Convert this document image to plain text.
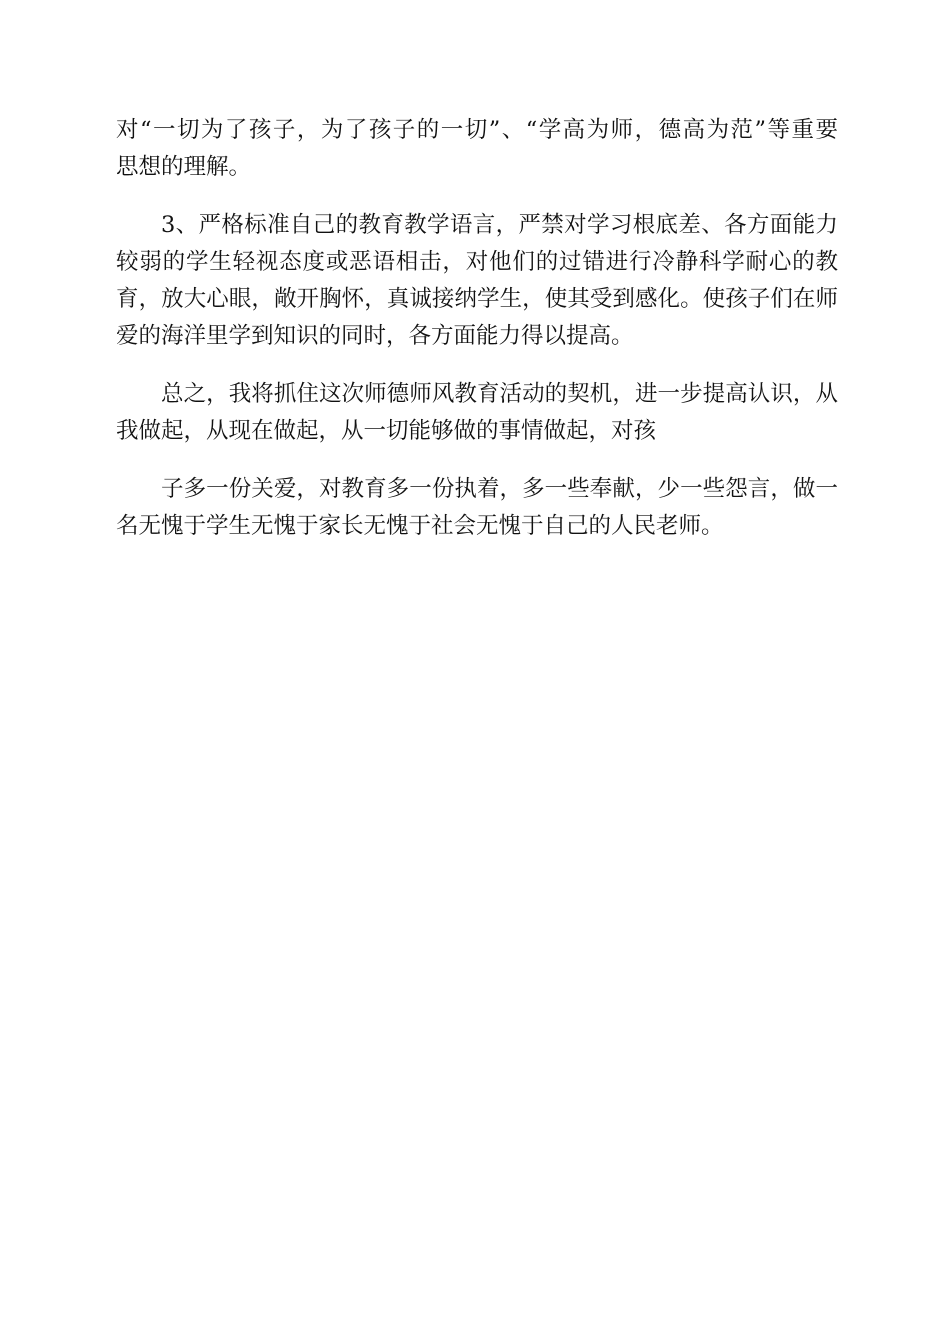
对“一切为了孩子，为了孩子的一切”、“学高为师，德高为范”等重要
思想的理解。

3、严格标准自己的教育教学语言，严禁对学习根底差、各方面能力
较弱的学生轻视态度或恶语相击，对他们的过错进行冷静科学耐心的教
育，放大心眼，敞开胸怀，真诚接纳学生，使其受到感化。使孩子们在师
爱的海洋里学到知识的同时，各方面能力得以提高。

总之，我将抓住这次师德师风教育活动的契机，进一步提高认识，从
我做起，从现在做起，从一切能够做的事情做起，对孩

子多一份关爱，对教育多一份执着，多一些奉献，少一些怨言，做一
名无愧于学生无愧于家长无愧于社会无愧于自己的人民老师。
